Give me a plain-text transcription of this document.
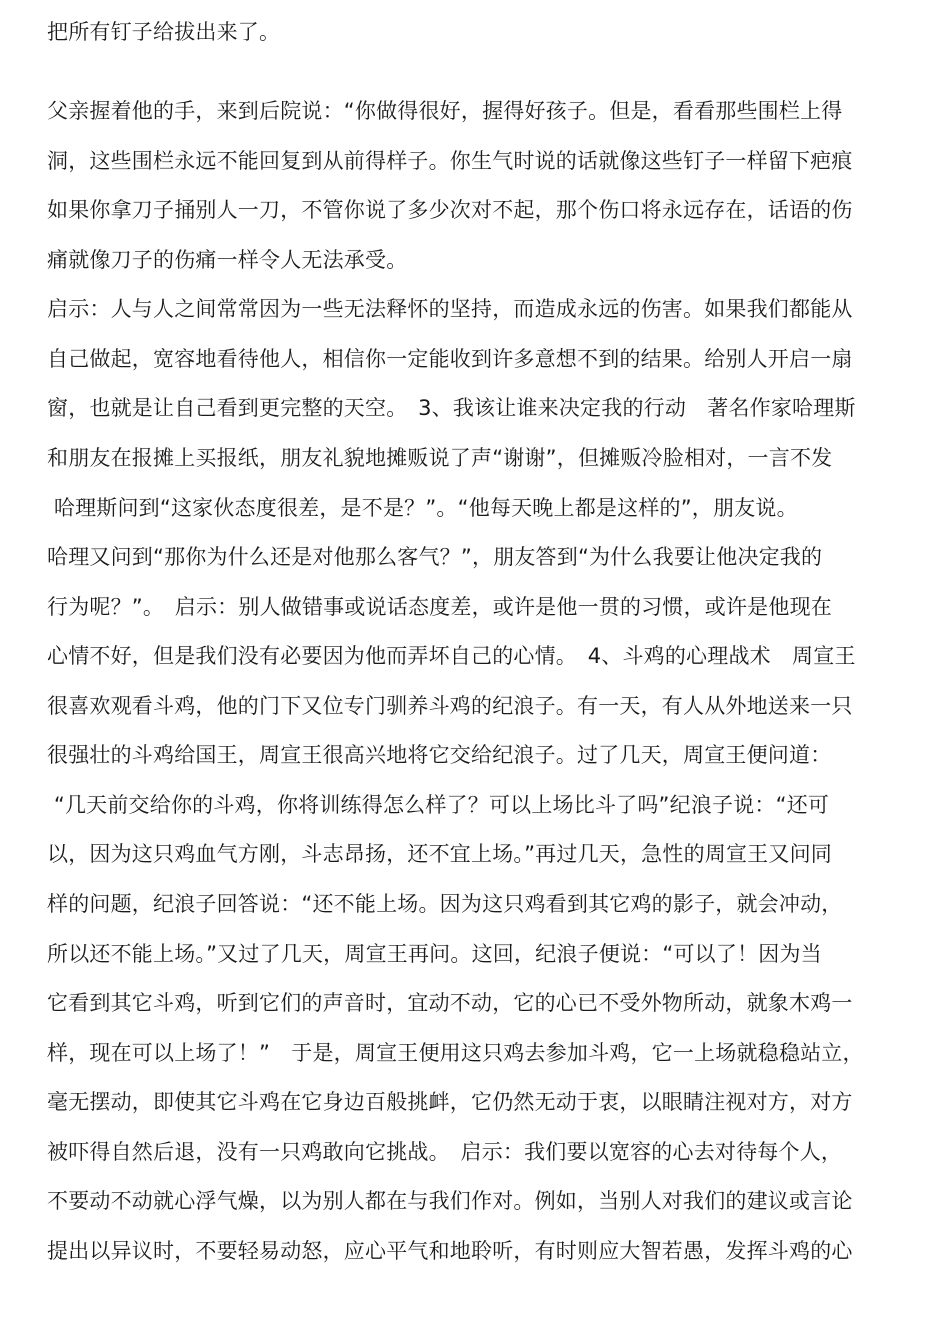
把所有钉子给拔出来了。
父亲握着他的手，来到后院说：“你做得很好，握得好孩子。但是，看看那些围栏上得
洞，这些围栏永远不能回复到从前得样子。你生气时说的话就像这些钉子一样留下疤痕
如果你拿刀子捅别人一刀，不管你说了多少次对不起，那个伤口将永远存在，话语的伤
痛就像刀子的伤痛一样令人无法承受。
启示：人与人之间常常因为一些无法释怀的坚持，而造成永远的伤害。如果我们都能从
自己做起，宽容地看待他人，相信你一定能收到许多意想不到的结果。给别人开启一扇
窗，也就是让自己看到更完整的天空。　3、我该让谁来决定我的行动　著名作家哈理斯
和朋友在报摊上买报纸，朋友礼貌地摊贩说了声“谢谢”，但摊贩冷脸相对，一言不发
哈理斯问到“这家伙态度很差，是不是？”。“他每天晚上都是这样的”，朋友说。
哈理又问到“那你为什么还是对他那么客气？”，朋友答到“为什么我要让他决定我的
行为呢？”。　启示：别人做错事或说话态度差，或许是他一贯的习惯，或许是他现在
心情不好，但是我们没有必要因为他而弄坏自己的心情。　4、斗鸡的心理战术　周宣王
很喜欢观看斗鸡，他的门下又位专门驯养斗鸡的纪浪子。有一天，有人从外地送来一只
很强壮的斗鸡给国王，周宣王很高兴地将它交给纪浪子。过了几天，周宣王便问道：
“几天前交给你的斗鸡，你将训练得怎么样了？可以上场比斗了吗”纪浪子说：“还可
以，因为这只鸡血气方刚，斗志昂扬，还不宜上场。”再过几天，急性的周宣王又问同
样的问题，纪浪子回答说：“还不能上场。因为这只鸡看到其它鸡的影子，就会冲动，
所以还不能上场。”又过了几天，周宣王再问。这回，纪浪子便说：“可以了！因为当
它看到其它斗鸡，听到它们的声音时，宜动不动，它的心已不受外物所动，就象木鸡一
样，现在可以上场了！”　于是，周宣王便用这只鸡去参加斗鸡，它一上场就稳稳站立，
毫无摆动，即使其它斗鸡在它身边百般挑衅，它仍然无动于衷，以眼睛注视对方，对方
被吓得自然后退，没有一只鸡敢向它挑战。　启示：我们要以宽容的心去对待每个人，
不要动不动就心浮气燥，以为别人都在与我们作对。例如，当别人对我们的建议或言论
提出以异议时，不要轻易动怒，应心平气和地聆听，有时则应大智若愚，发挥斗鸡的心
